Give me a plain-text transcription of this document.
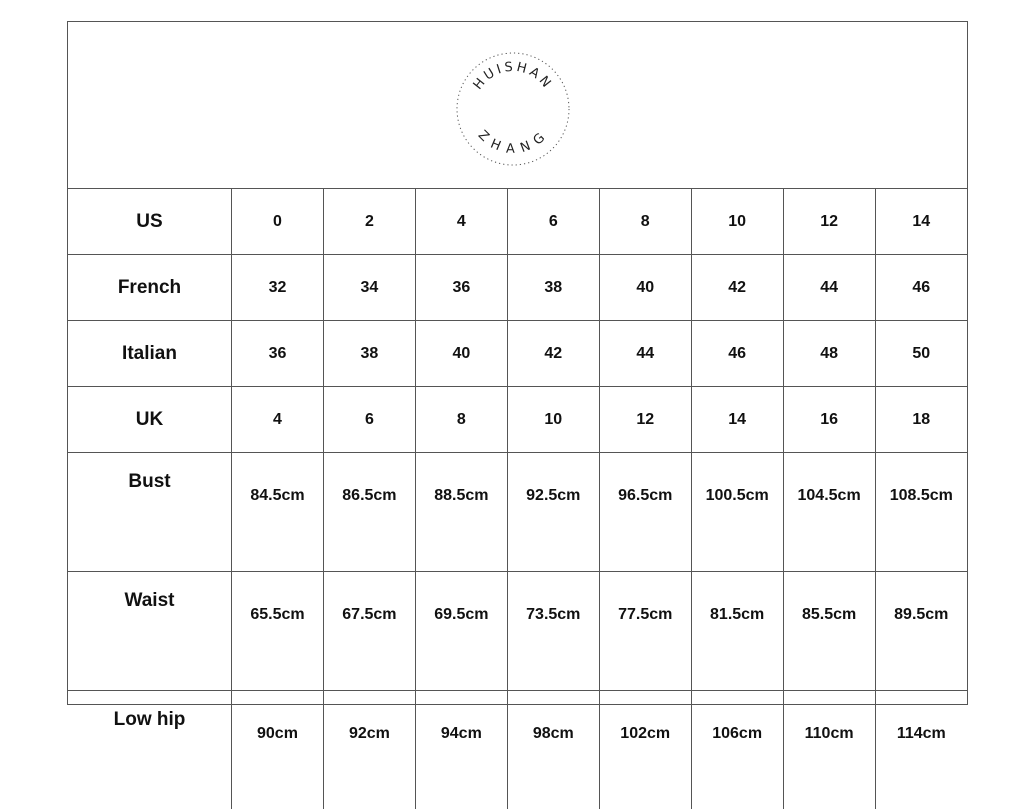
HUISHAN
ZHANG
US	0	2	4	6	8	10	12	14
French	32	34	36	38	40	42	44	46
Italian	36	38	40	42	44	46	48	50
UK	4	6	8	10	12	14	16	18
Bust	84.5cm	86.5cm	88.5cm	92.5cm	96.5cm	100.5cm	104.5cm	108.5cm
Waist	65.5cm	67.5cm	69.5cm	73.5cm	77.5cm	81.5cm	85.5cm	89.5cm
Low hip	90cm	92cm	94cm	98cm	102cm	106cm	110cm	114cm
